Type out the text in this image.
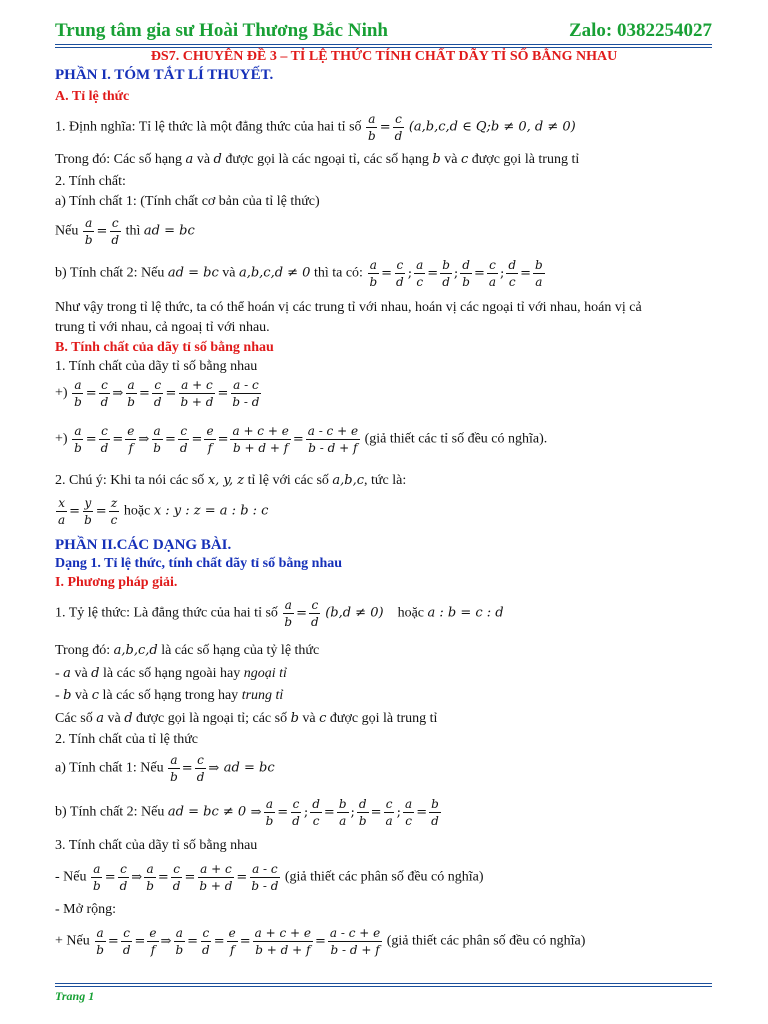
Trung tâm gia sư Hoài Thương Bắc Ninh	Zalo: 0382254027
ĐS7. CHUYÊN ĐỀ 3 – TỈ LỆ THỨC TÍNH CHẤT DÃY TỈ SỐ BẰNG NHAU
PHẦN I. TÓM TẮT LÍ THUYẾT.
A. Tỉ lệ thức
1. Định nghĩa: Tỉ lệ thức là một đẳng thức của hai tỉ số $\frac{a}{b} = \frac{c}{d} (a,b,c,d$ ∈ Q;b ≠ 0, d ≠ 0)
Trong đó: Các số hạng a và d được gọi là các ngoại tỉ, các số hạng b và c được gọi là trung tỉ
2. Tính chất:
a) Tính chất 1: (Tính chất cơ bản của tỉ lệ thức)
Nếu $\frac{a}{b} = \frac{c}{d}$ thì ad = bc
b) Tính chất 2: Nếu ad = bc và a,b,c,d ≠ 0 thì ta có: $\frac{a}{b} = \frac{c}{d}$ ; $\frac{a}{c} = \frac{b}{d}$ ; $\frac{d}{b} = \frac{c}{a}$ ; $\frac{d}{c} = \frac{b}{a}$
Như vậy trong tỉ lệ thức, ta có thể hoán vị các trung tỉ với nhau, hoán vị các ngoại tỉ với nhau, hoán vị cả
trung tỉ với nhau, cả ngoaị tỉ với nhau.
B. Tính chất của dãy tỉ số bằng nhau
1. Tính chất của dãy tỉ số bằng nhau
+) $\frac{a}{b} = \frac{c}{d}$ ⇒ $\frac{a}{b} = \frac{c}{d} = \frac{a + c}{b + d} = \frac{a - c}{b - d}$
+) $\frac{a}{b} = \frac{c}{d} = \frac{e}{f}$ ⇒ $\frac{a}{b} = \frac{c}{d} = \frac{e}{f} = \frac{a + c + e}{b + d + f} = \frac{a - c + e}{b - d + f}$ (giả thiết các tỉ số đều có nghĩa).
2. Chú ý: Khi ta nói các số x, y, z tỉ lệ với các số a,b,c, tức là:
$\frac{x}{a} = \frac{y}{b} = \frac{z}{c}$ hoặc x : y : z = a : b : c
PHẦN II.CÁC DẠNG BÀI.
Dạng 1. Tỉ lệ thức, tính chất dãy tỉ số bằng nhau
I. Phương pháp giải.
1. Tỷ lệ thức: Là đẳng thức của hai tỉ số $\frac{a}{b} = \frac{c}{d} (b,d \ne 0)$ hoặc a : b = c : d
Trong đó: a,b,c,d là các số hạng của tỷ lệ thức
- a và d là các số hạng ngoài hay ngoại tỉ
- b và c là các số hạng trong hay trung tỉ
Các số a và d được gọi là ngoại tỉ; các số b và c được gọi là trung tỉ
2. Tính chất của tỉ lệ thức
a) Tính chất 1: Nếu $\frac{a}{b} = \frac{c}{d}$ ⇒ ad = bc
b) Tính chất 2: Nếu ad = bc ≠ 0 ⇒ $\frac{a}{b} = \frac{c}{d}$ ; $\frac{d}{c} = \frac{b}{a}$ ; $\frac{d}{b} = \frac{c}{a}$ ; $\frac{a}{c} = \frac{b}{d}$
3. Tính chất của dãy tỉ số bằng nhau
- Nếu $\frac{a}{b} = \frac{c}{d}$ ⇒ $\frac{a}{b} = \frac{c}{d} = \frac{a + c}{b + d} = \frac{a - c}{b - d}$ (giả thiết các phân số đều có nghĩa)
- Mở rộng:
+ Nếu $\frac{a}{b} = \frac{c}{d} = \frac{e}{f}$ ⇒ $\frac{a}{b} = \frac{c}{d} = \frac{e}{f} = \frac{a + c + e}{b + d + f} = \frac{a - c + e}{b - d + f}$ (giả thiết các phân số đều có nghĩa)
Trang 1
